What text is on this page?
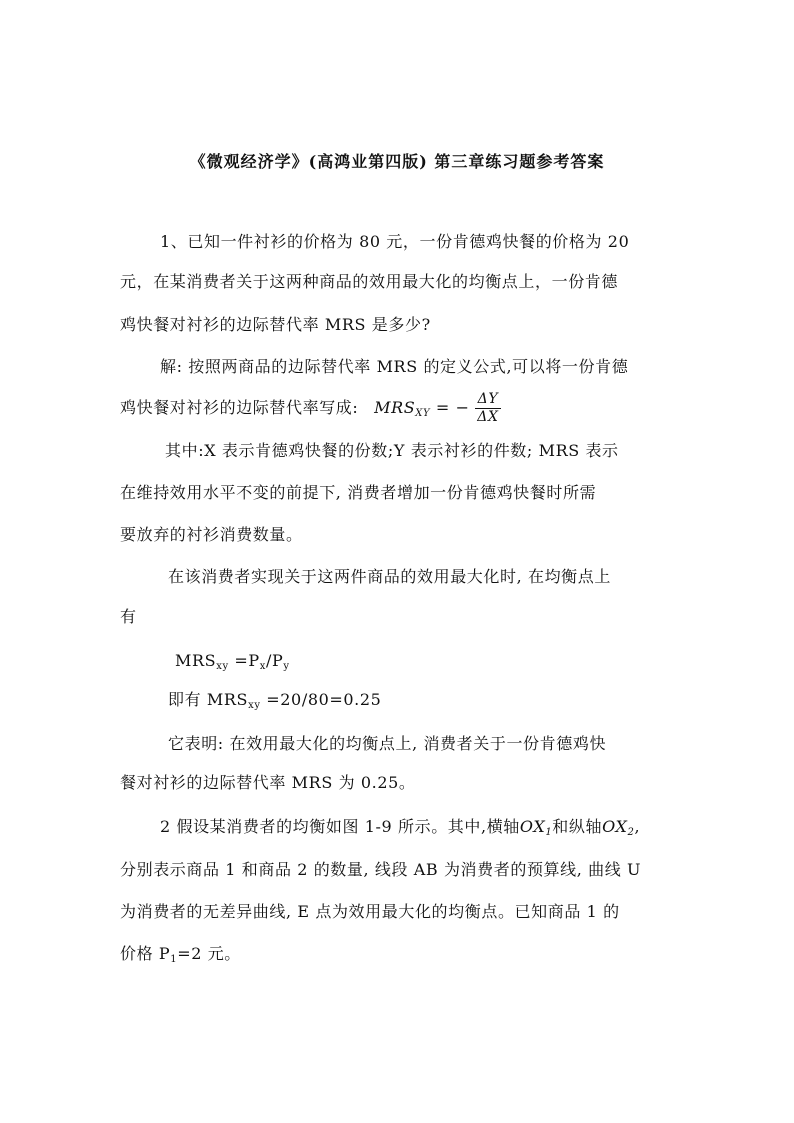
《微观经济学》(高鸿业第四版) 第三章练习题参考答案
1、已知一件衬衫的价格为 80 元，一份肯德鸡快餐的价格为 20
元，在某消费者关于这两种商品的效用最大化的均衡点上，一份肯德
鸡快餐对衬衫的边际替代率 MRS 是多少?
解: 按照两商品的边际替代率 MRS 的定义公式,可以将一份肯德
鸡快餐对衬衫的边际替代率写成: $MRS_{XY}$ = − $\frac{\Delta Y}{\Delta X}$
其中:X 表示肯德鸡快餐的份数;Y 表示衬衫的件数; MRS 表示
在维持效用水平不变的前提下, 消费者增加一份肯德鸡快餐时所需
要放弃的衬衫消费数量。
在该消费者实现关于这两件商品的效用最大化时, 在均衡点上
有
$MRS_{xy} =P_x/P_y$
即有 $MRS_{xy} =20/80=0.25$
它表明: 在效用最大化的均衡点上, 消费者关于一份肯德鸡快
餐对衬衫的边际替代率 MRS 为 0.25。
2 假设某消费者的均衡如图 1-9 所示。其中,横轴$OX_1$和纵轴$OX_2$,
分别表示商品 1 和商品 2 的数量, 线段 AB 为消费者的预算线, 曲线 U
为消费者的无差异曲线, E 点为效用最大化的均衡点。已知商品 1 的
价格 $P_1=2$ 元。
